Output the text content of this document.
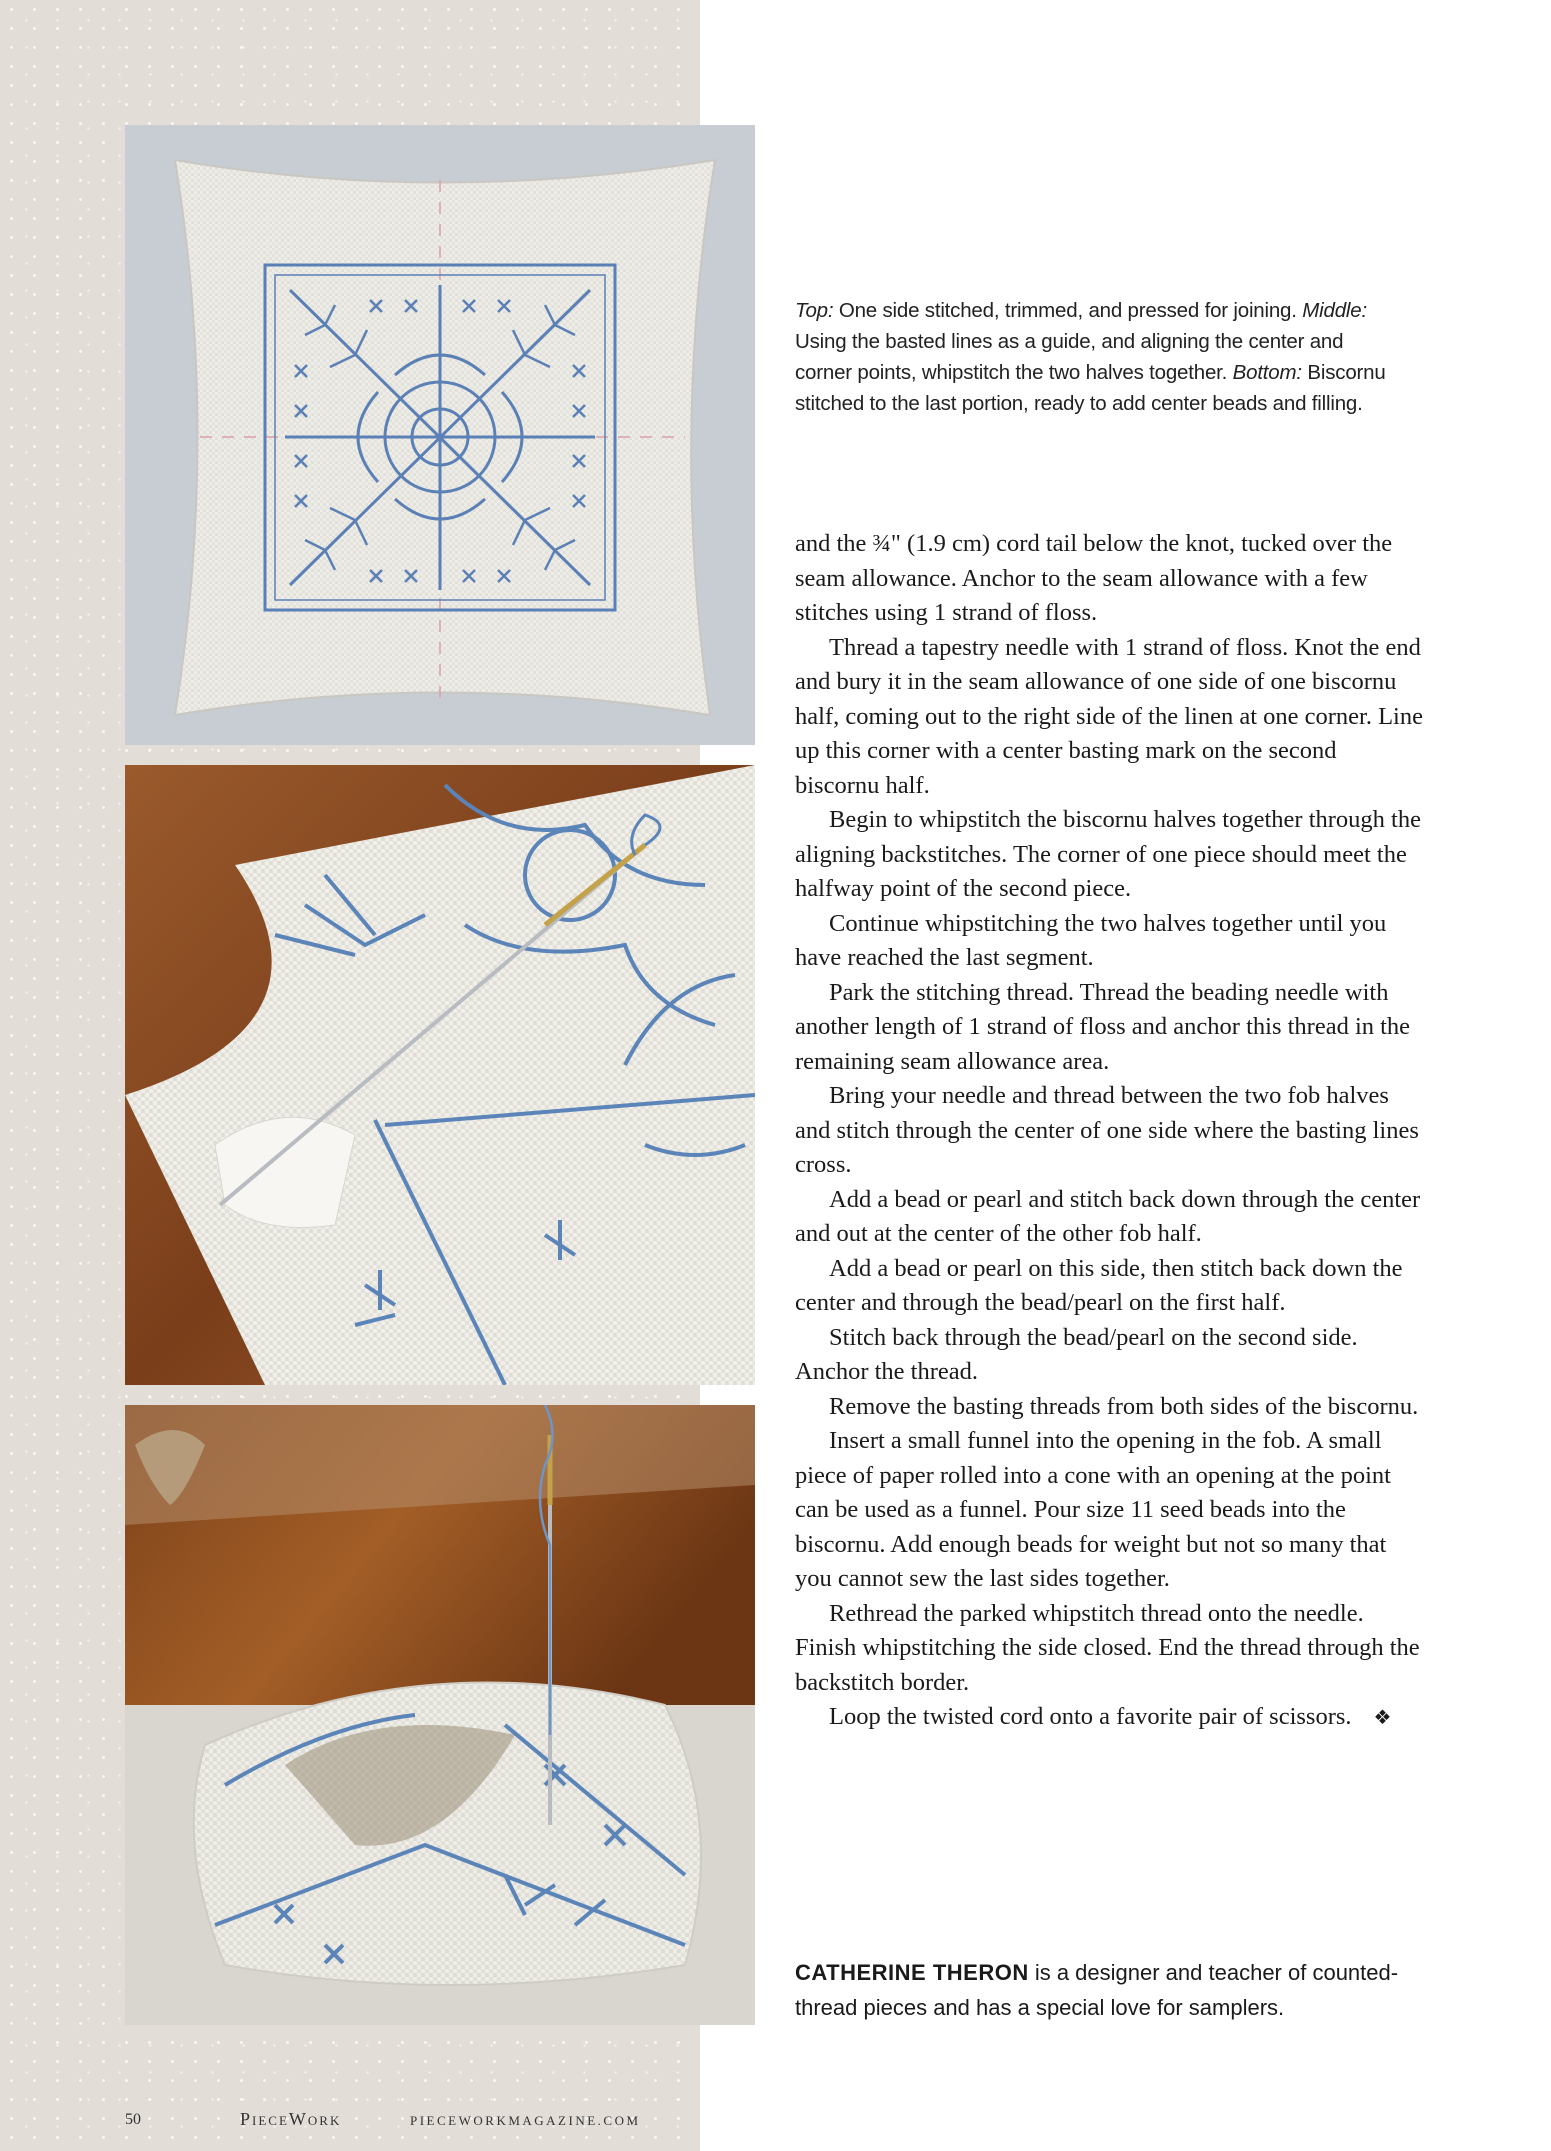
Top: One side stitched, trimmed, and pressed for joining. Middle: Using the basted lines as a guide, and aligning the center and corner points, whipstitch the two halves together. Bottom: Biscornu stitched to the last portion, ready to add center beads and filling.

and the ¾" (1.9 cm) cord tail below the knot, tucked over the seam allowance. Anchor to the seam allowance with a few stitches using 1 strand of floss.

Thread a tapestry needle with 1 strand of floss. Knot the end and bury it in the seam allowance of one side of one biscornu half, coming out to the right side of the linen at one corner. Line up this corner with a center basting mark on the second biscornu half.

Begin to whipstitch the biscornu halves together through the aligning backstitches. The corner of one piece should meet the halfway point of the second piece.

Continue whipstitching the two halves together until you have reached the last segment.

Park the stitching thread. Thread the beading needle with another length of 1 strand of floss and anchor this thread in the remaining seam allowance area.

Bring your needle and thread between the two fob halves and stitch through the center of one side where the basting lines cross.

Add a bead or pearl and stitch back down through the center and out at the center of the other fob half.

Add a bead or pearl on this side, then stitch back down the center and through the bead/pearl on the first half.

Stitch back through the bead/pearl on the second side. Anchor the thread.

Remove the basting threads from both sides of the biscornu.

Insert a small funnel into the opening in the fob. A small piece of paper rolled into a cone with an opening at the point can be used as a funnel. Pour size 11 seed beads into the biscornu. Add enough beads for weight but not so many that you cannot sew the last sides together.

Rethread the parked whipstitch thread onto the needle. Finish whipstitching the side closed. End the thread through the backstitch border.

Loop the twisted cord onto a favorite pair of scissors. ❖

CATHERINE THERON is a designer and teacher of counted-thread pieces and has a special love for samplers.
50	PieceWork	PIECEWORKMAGAZINE.COM
